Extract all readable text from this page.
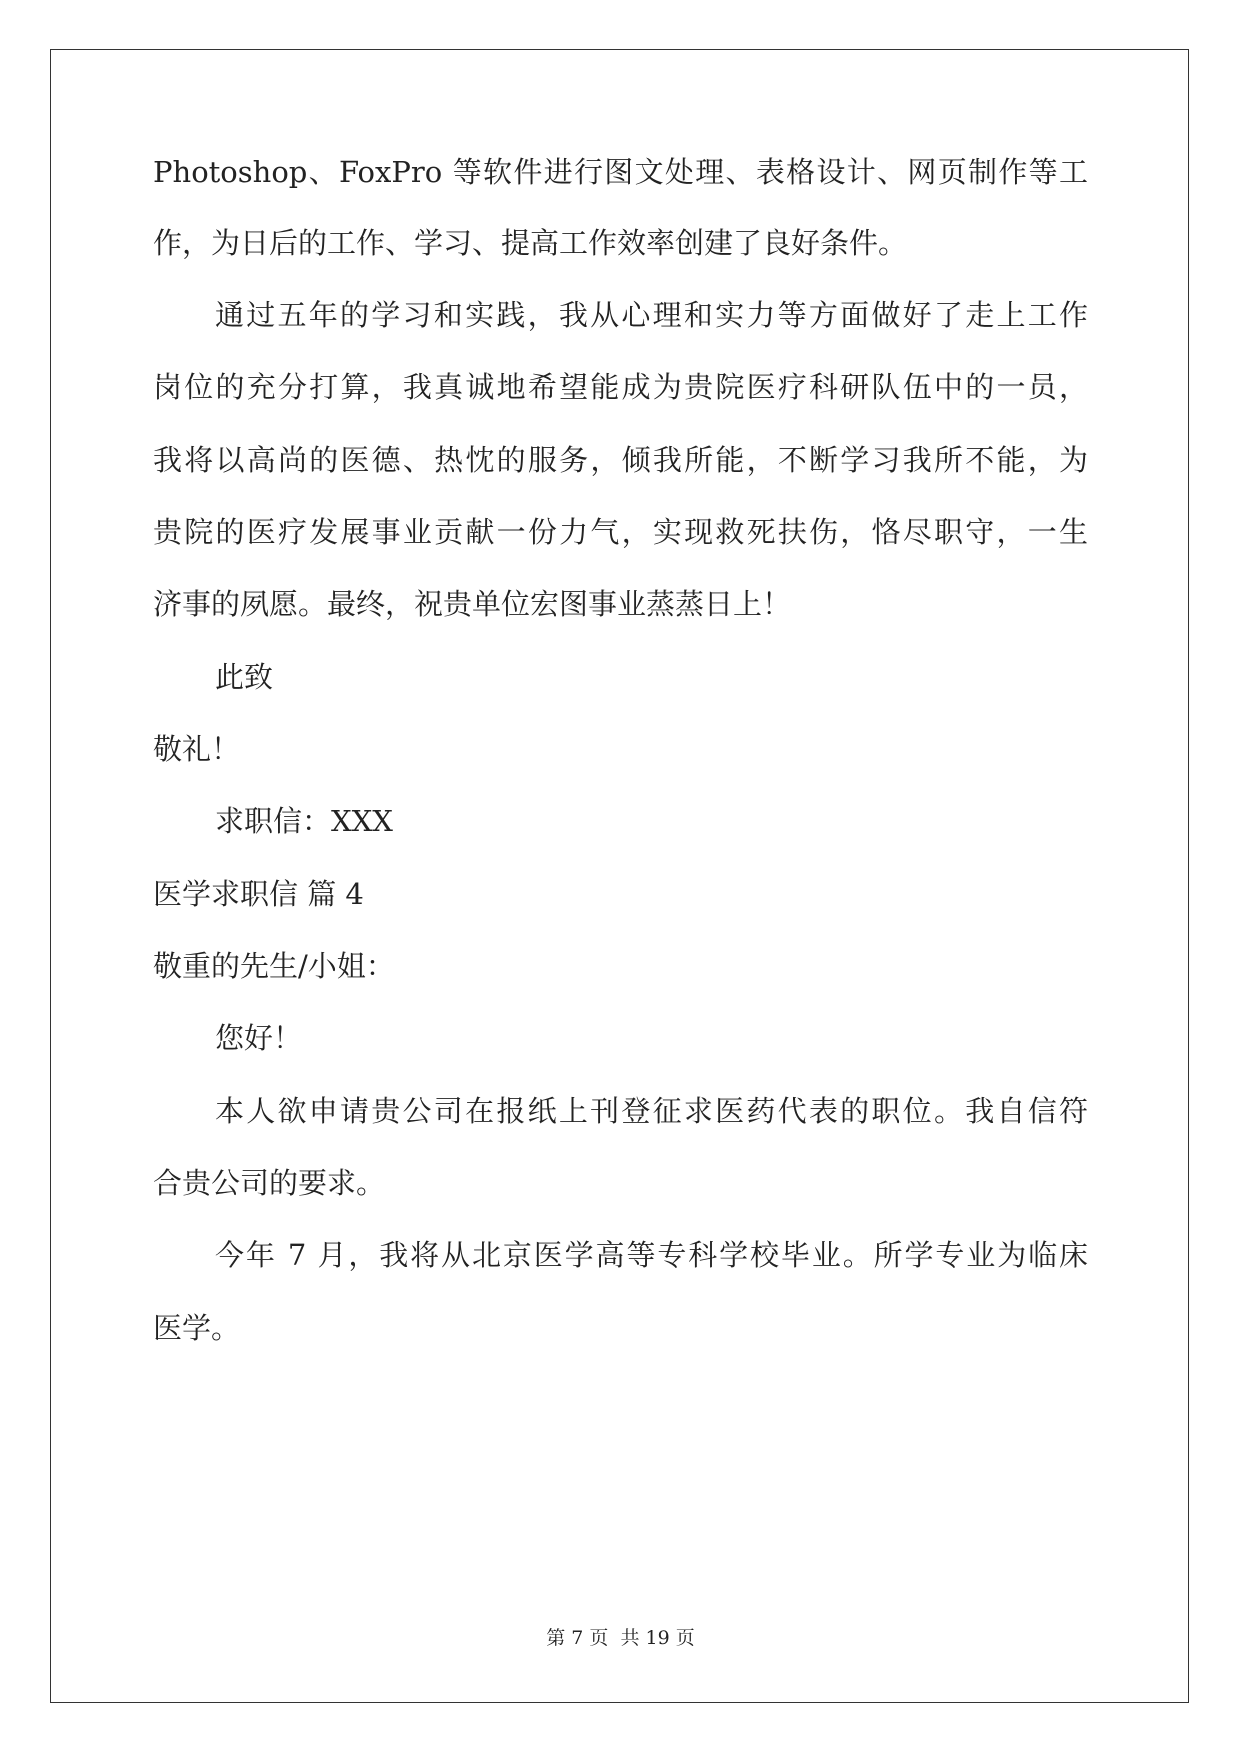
Photoshop、FoxPro 等软件进行图文处理、表格设计、网页制作等工
作，为日后的工作、学习、提高工作效率创建了良好条件。
通过五年的学习和实践，我从心理和实力等方面做好了走上工作
岗位的充分打算，我真诚地希望能成为贵院医疗科研队伍中的一员，
我将以高尚的医德、热忱的服务，倾我所能，不断学习我所不能，为
贵院的医疗发展事业贡献一份力气，实现救死扶伤，恪尽职守，一生
济事的夙愿。最终，祝贵单位宏图事业蒸蒸日上！
此致
敬礼！
求职信：XXX
医学求职信 篇 4
敬重的先生/小姐：
您好！
本人欲申请贵公司在报纸上刊登征求医药代表的职位。我自信符
合贵公司的要求。
今年 7 月，我将从北京医学高等专科学校毕业。所学专业为临床
医学。
第 7 页 共 19 页
